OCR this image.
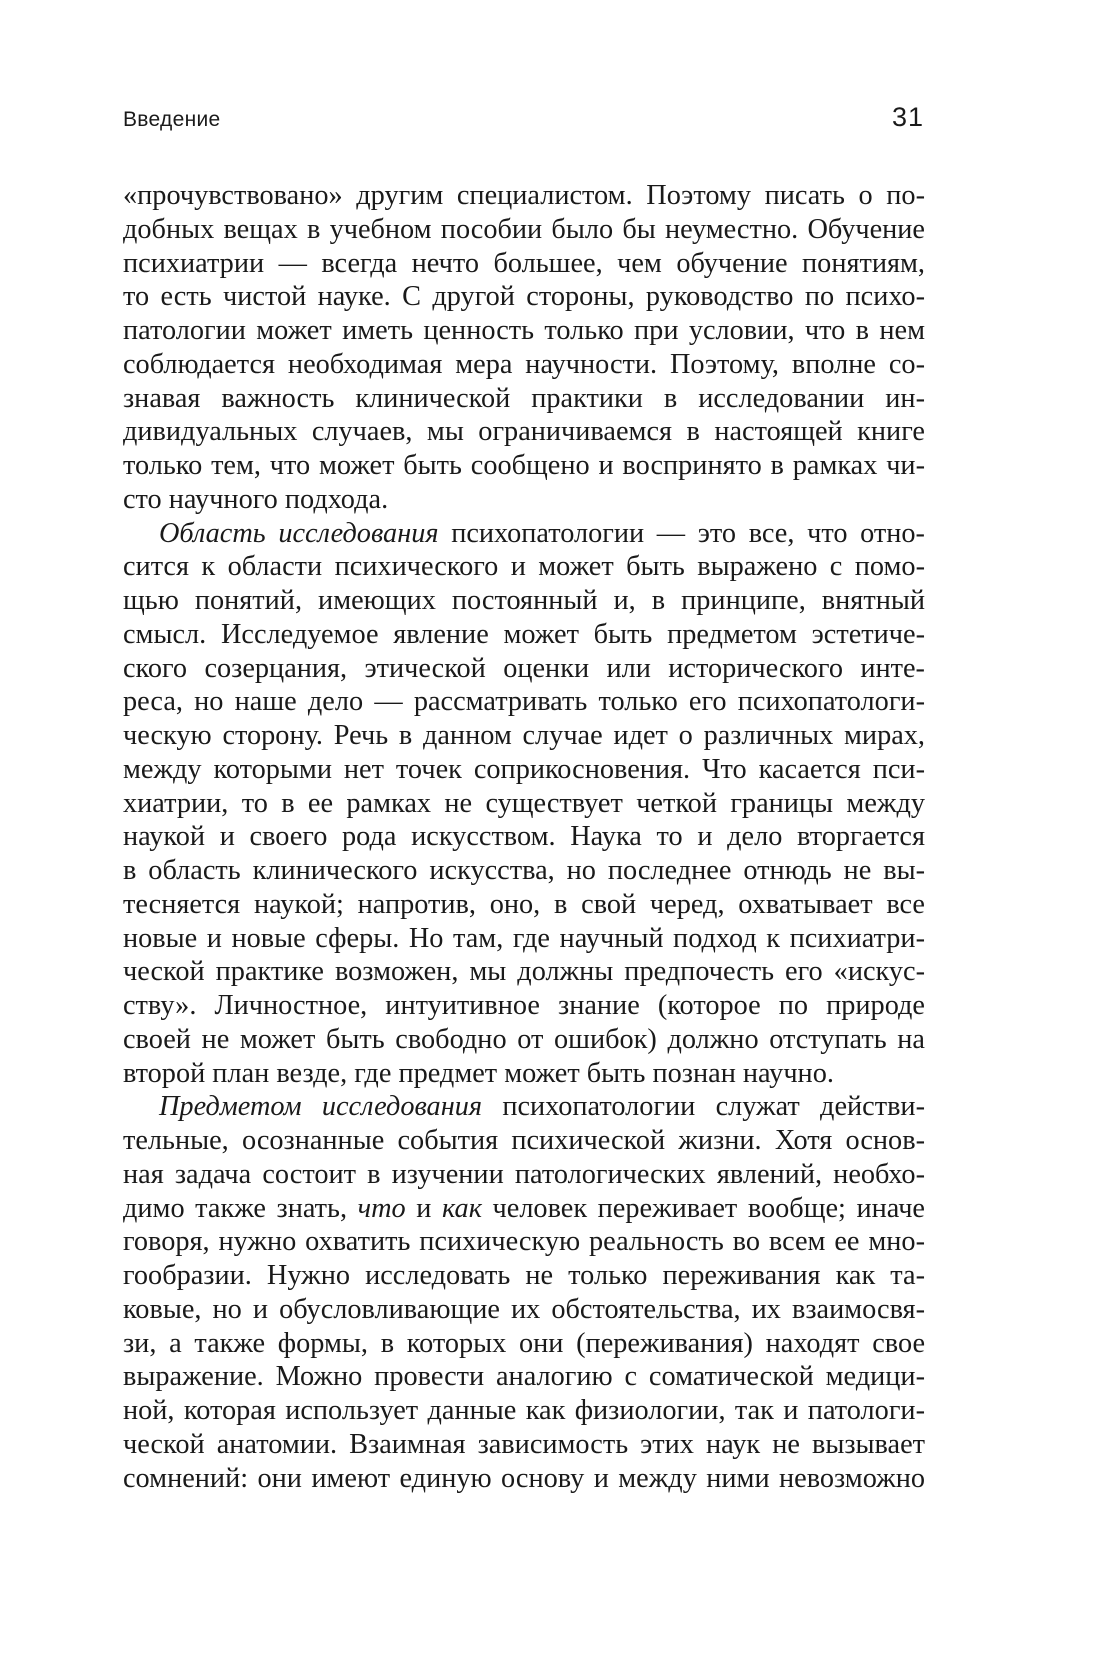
Введение	31
«прочувствовано» другим специалистом. Поэтому писать о по-
добных вещах в учебном пособии было бы неуместно. Обучение
психиатрии — всегда нечто большее, чем обучение понятиям,
то есть чистой науке. С другой стороны, руководство по психо-
патологии может иметь ценность только при условии, что в нем
соблюдается необходимая мера научности. Поэтому, вполне со-
знавая важность клинической практики в исследовании ин-
дивидуальных случаев, мы ограничиваемся в настоящей книге
только тем, что может быть сообщено и воспринято в рамках чи-
сто научного подхода.
Область исследования психопатологии — это все, что отно-
сится к области психического и может быть выражено с помо-
щью понятий, имеющих постоянный и, в принципе, внятный
смысл. Исследуемое явление может быть предметом эстетиче-
ского созерцания, этической оценки или исторического инте-
реса, но наше дело — рассматривать только его психопатологи-
ческую сторону. Речь в данном случае идет о различных мирах,
между которыми нет точек соприкосновения. Что касается пси-
хиатрии, то в ее рамках не существует четкой границы между
наукой и своего рода искусством. Наука то и дело вторгается
в область клинического искусства, но последнее отнюдь не вы-
тесняется наукой; напротив, оно, в свой черед, охватывает все
новые и новые сферы. Но там, где научный подход к психиатри-
ческой практике возможен, мы должны предпочесть его «искус-
ству». Личностное, интуитивное знание (которое по природе
своей не может быть свободно от ошибок) должно отступать на
второй план везде, где предмет может быть познан научно.
Предметом исследования психопатологии служат действи-
тельные, осознанные события психической жизни. Хотя основ-
ная задача состоит в изучении патологических явлений, необхо-
димо также знать, что и как человек переживает вообще; иначе
говоря, нужно охватить психическую реальность во всем ее мно-
гообразии. Нужно исследовать не только переживания как та-
ковые, но и обусловливающие их обстоятельства, их взаимосвя-
зи, а также формы, в которых они (переживания) находят свое
выражение. Можно провести аналогию с соматической медици-
ной, которая использует данные как физиологии, так и патологи-
ческой анатомии. Взаимная зависимость этих наук не вызывает
сомнений: они имеют единую основу и между ними невозможно
